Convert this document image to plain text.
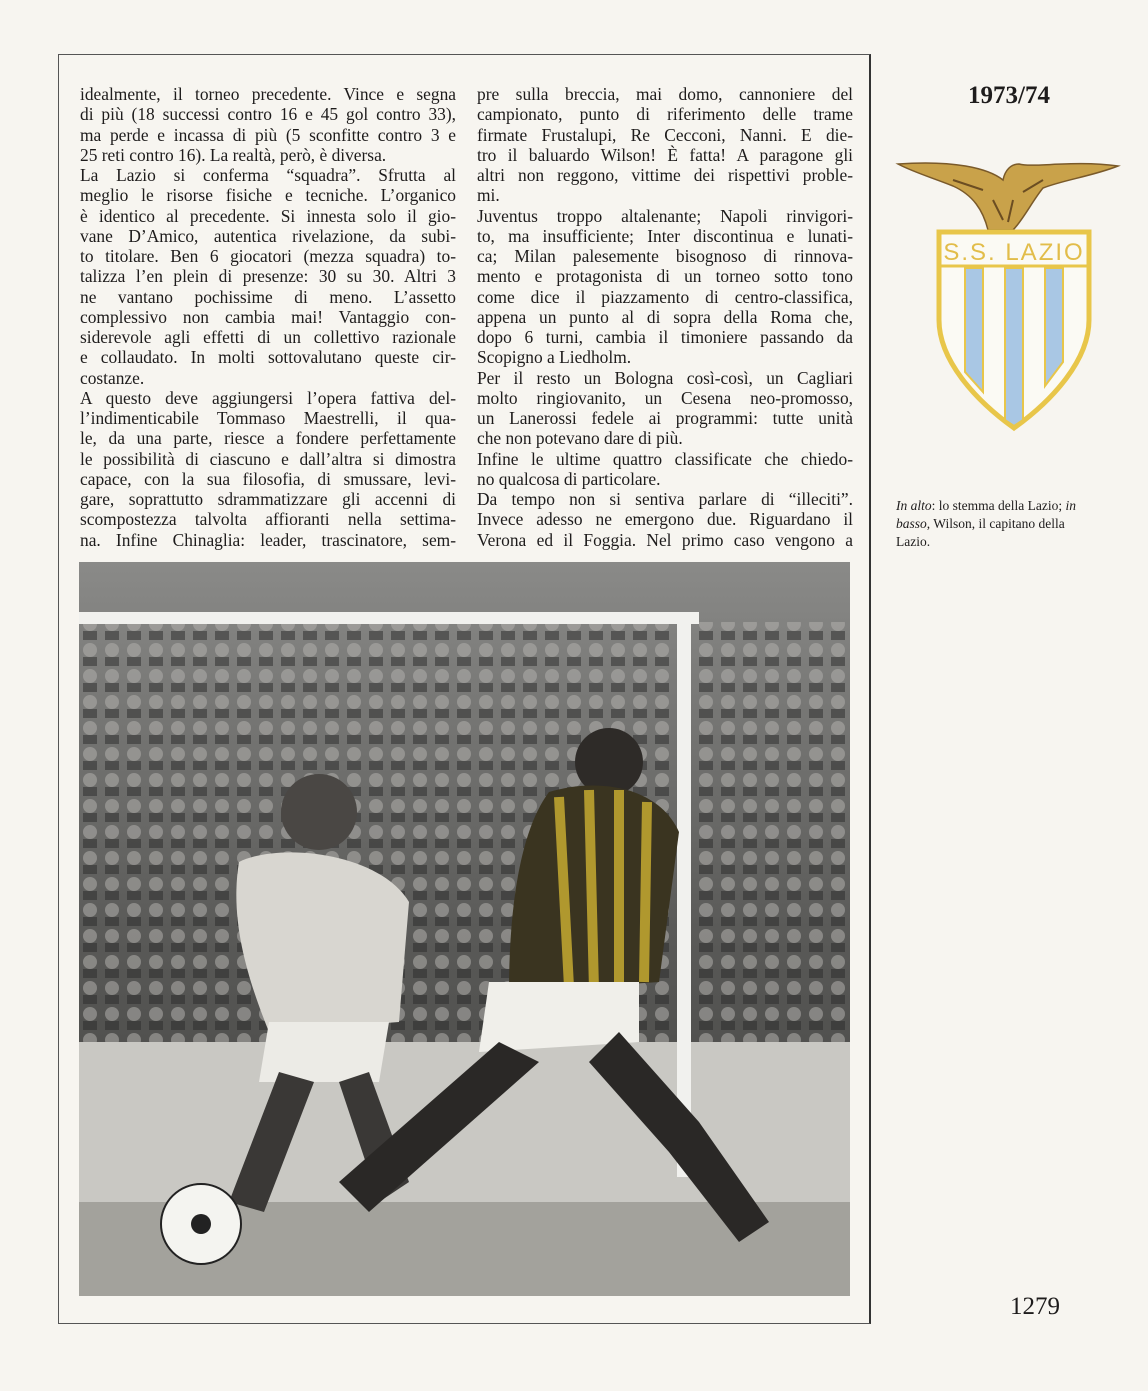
idealmente, il torneo precedente. Vince e segna
di più (18 successi contro 16 e 45 gol contro 33),
ma perde e incassa di più (5 sconfitte contro 3 e
25 reti contro 16). La realtà, però, è diversa.
La Lazio si conferma “squadra”. Sfrutta al
meglio le risorse fisiche e tecniche. L’organico
è identico al precedente. Si innesta solo il gio-
vane D’Amico, autentica rivelazione, da subi-
to titolare. Ben 6 giocatori (mezza squadra) to-
talizza l’en plein di presenze: 30 su 30. Altri 3
ne vantano pochissime di meno. L’assetto
complessivo non cambia mai! Vantaggio con-
siderevole agli effetti di un collettivo razionale
e collaudato. In molti sottovalutano queste cir-
costanze.
A questo deve aggiungersi l’opera fattiva del-
l’indimenticabile Tommaso Maestrelli, il qua-
le, da una parte, riesce a fondere perfettamente
le possibilità di ciascuno e dall’altra si dimostra
capace, con la sua filosofia, di smussare, levi-
gare, soprattutto sdrammatizzare gli accenni di
scompostezza talvolta affioranti nella settima-
na. Infine Chinaglia: leader, trascinatore, sem-
pre sulla breccia, mai domo, cannoniere del
campionato, punto di riferimento delle trame
firmate Frustalupi, Re Cecconi, Nanni. E die-
tro il baluardo Wilson! È fatta! A paragone gli
altri non reggono, vittime dei rispettivi proble-
mi.
Juventus troppo altalenante; Napoli rinvigori-
to, ma insufficiente; Inter discontinua e lunati-
ca; Milan palesemente bisognoso di rinnova-
mento e protagonista di un torneo sotto tono
come dice il piazzamento di centro-classifica,
appena un punto al di sopra della Roma che,
dopo 6 turni, cambia il timoniere passando da
Scopigno a Liedholm.
Per il resto un Bologna così-così, un Cagliari
molto ringiovanito, un Cesena neo-promosso,
un Lanerossi fedele ai programmi: tutte unità
che non potevano dare di più.
Infine le ultime quattro classificate che chiedo-
no qualcosa di particolare.
Da tempo non si sentiva parlare di “illeciti”.
Invece adesso ne emergono due. Riguardano il
Verona ed il Foggia. Nel primo caso vengono a
1973/74
S.S. LAZIO
In alto: lo stemma della Lazio; in basso, Wilson, il capitano della Lazio.
1279
